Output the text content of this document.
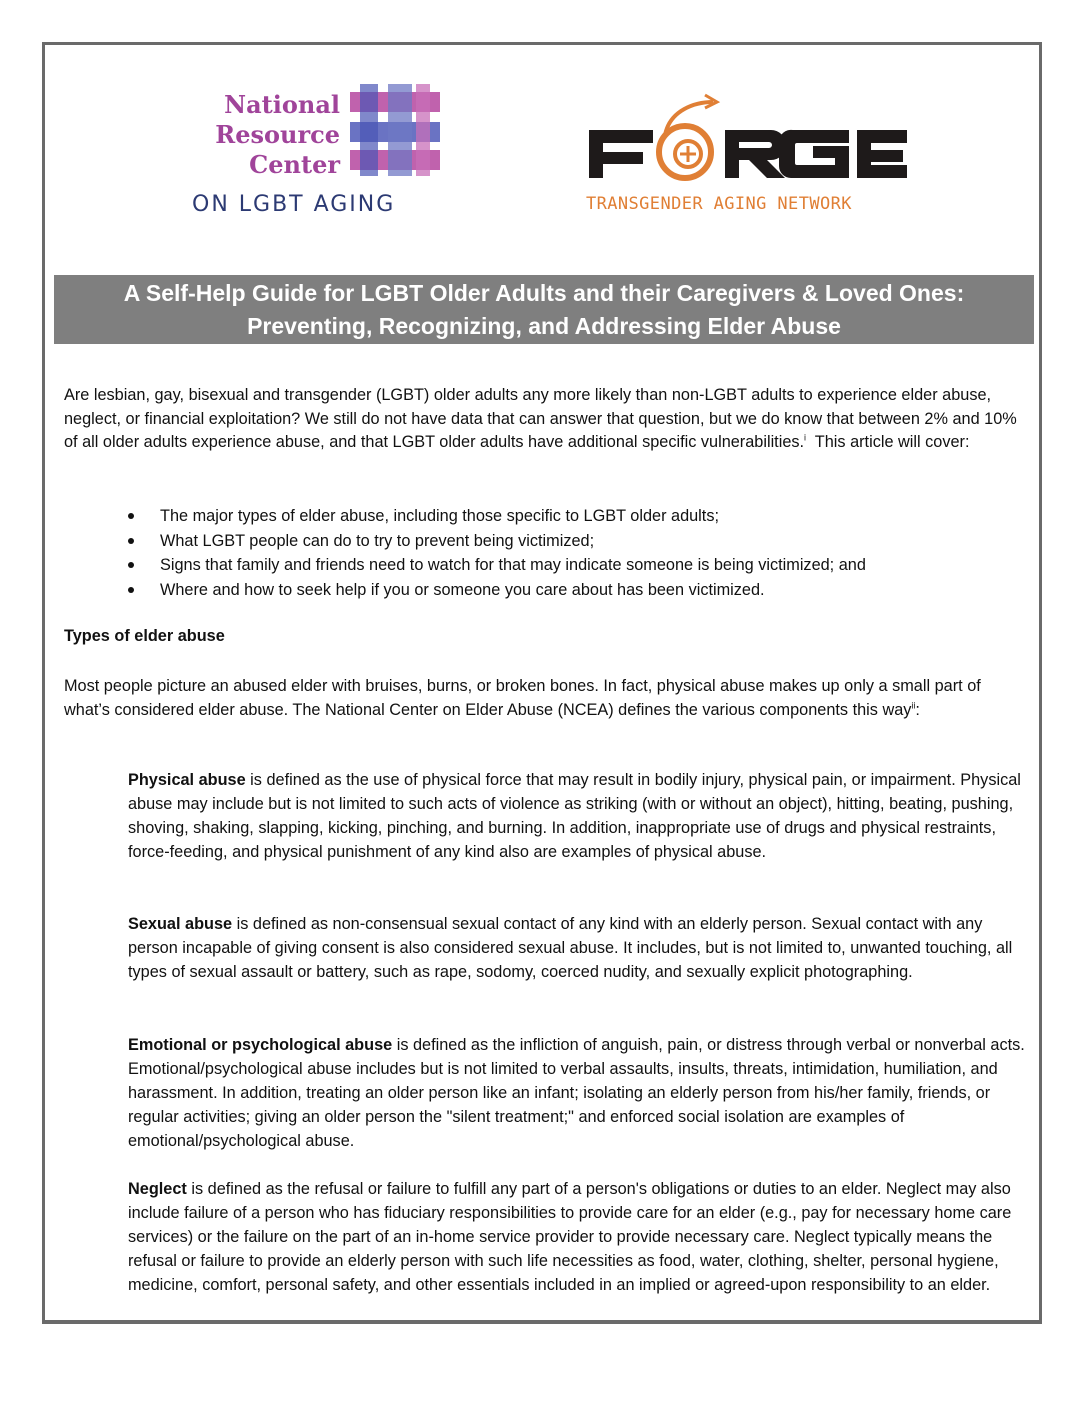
National
Resource
Center
ON LGBT AGING	TRANSGENDER AGING NETWORK
A Self-Help Guide for LGBT Older Adults and their Caregivers & Loved Ones:
Preventing, Recognizing, and Addressing Elder Abuse
Are lesbian, gay, bisexual and transgender (LGBT) older adults any more likely than non-LGBT adults to experience elder abuse, neglect, or financial exploitation? We still do not have data that can answer that question, but we do know that between 2% and 10% of all older adults experience abuse, and that LGBT older adults have additional specific vulnerabilities.$^i$  This article will cover:
The major types of elder abuse, including those specific to LGBT older adults;
What LGBT people can do to try to prevent being victimized;
Signs that family and friends need to watch for that may indicate someone is being victimized; and
Where and how to seek help if you or someone you care about has been victimized.
Types of elder abuse
Most people picture an abused elder with bruises, burns, or broken bones. In fact, physical abuse makes up only a small part of what’s considered elder abuse. The National Center on Elder Abuse (NCEA) defines the various components this way$^{ii}$:
Physical abuse is defined as the use of physical force that may result in bodily injury, physical pain, or impairment. Physical abuse may include but is not limited to such acts of violence as striking (with or without an object), hitting, beating, pushing, shoving, shaking, slapping, kicking, pinching, and burning. In addition, inappropriate use of drugs and physical restraints, force-feeding, and physical punishment of any kind also are examples of physical abuse.
Sexual abuse is defined as non-consensual sexual contact of any kind with an elderly person. Sexual contact with any person incapable of giving consent is also considered sexual abuse. It includes, but is not limited to, unwanted touching, all types of sexual assault or battery, such as rape, sodomy, coerced nudity, and sexually explicit photographing.
Emotional or psychological abuse is defined as the infliction of anguish, pain, or distress through verbal or nonverbal acts. Emotional/psychological abuse includes but is not limited to verbal assaults, insults, threats, intimidation, humiliation, and harassment. In addition, treating an older person like an infant; isolating an elderly person from his/her family, friends, or regular activities; giving an older person the "silent treatment;" and enforced social isolation are examples of emotional/psychological abuse.
Neglect is defined as the refusal or failure to fulfill any part of a person's obligations or duties to an elder. Neglect may also include failure of a person who has fiduciary responsibilities to provide care for an elder (e.g., pay for necessary home care services) or the failure on the part of an in-home service provider to provide necessary care. Neglect typically means the refusal or failure to provide an elderly person with such life necessities as food, water, clothing, shelter, personal hygiene, medicine, comfort, personal safety, and other essentials included in an implied or agreed-upon responsibility to an elder.
